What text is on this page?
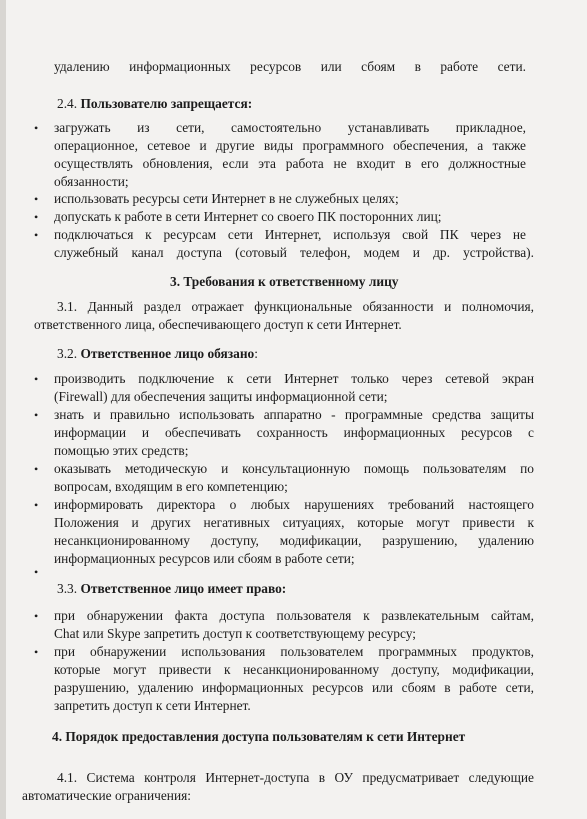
удалению информационных ресурсов или сбоям в работе сети.
2.4. Пользователю запрещается:
• загружать из сети, самостоятельно устанавливать прикладное,
операционное, сетевое и другие виды программного обеспечения, а также
осуществлять обновления, если эта работа не входит в его должностные
обязанности;
• использовать ресурсы сети Интернет в не служебных целях;
• допускать к работе в сети Интернет со своего ПК посторонних лиц;
• подключаться к ресурсам сети Интернет, используя свой ПК через не
служебный канал доступа (сотовый телефон, модем и др. устройства).
3. Требования к ответственному лицу
3.1. Данный раздел отражает функциональные обязанности и полномочия,
ответственного лица, обеспечивающего доступ к сети Интернет.
3.2. Ответственное лицо обязано:
• производить подключение к сети Интернет только через сетевой экран
(Firewall) для обеспечения защиты информационной сети;
• знать и правильно использовать аппаратно - программные средства защиты
информации и обеспечивать сохранность информационных ресурсов с
помощью этих средств;
• оказывать методическую и консультационную помощь пользователям по
вопросам, входящим в его компетенцию;
• информировать директора о любых нарушениях требований настоящего
Положения и других негативных ситуациях, которые могут привести к
несанкционированному доступу, модификации, разрушению, удалению
информационных ресурсов или сбоям в работе сети;
•
3.3. Ответственное лицо имеет право:
• при обнаружении факта доступа пользователя к развлекательным сайтам,
Chat или Skype запретить доступ к соответствующему ресурсу;
• при обнаружении использования пользователем программных продуктов,
которые могут привести к несанкционированному доступу, модификации,
разрушению, удалению информационных ресурсов или сбоям в работе сети,
запретить доступ к сети Интернет.
4. Порядок предоставления доступа пользователям к сети Интернет
4.1. Система контроля Интернет-доступа в ОУ предусматривает следующие
автоматические ограничения:
